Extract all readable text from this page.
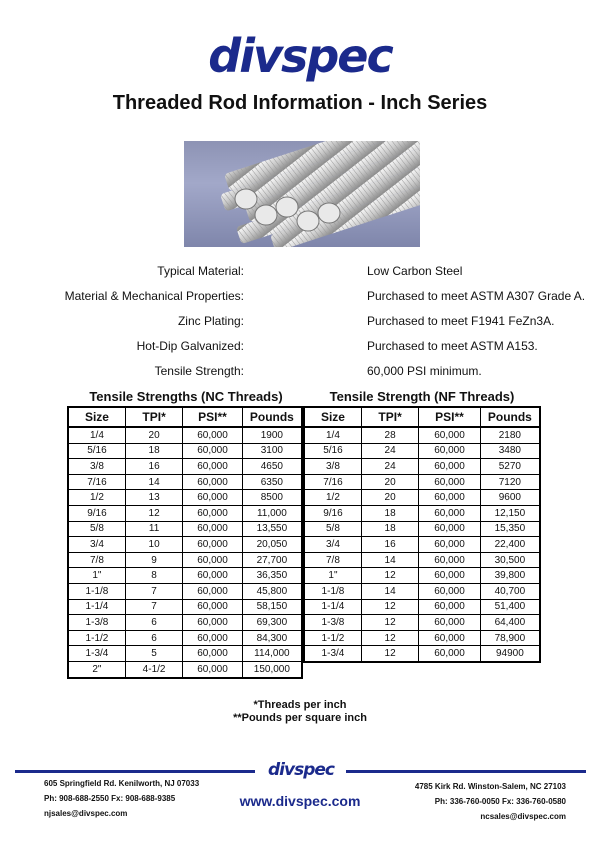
divspec
Threaded Rod Information - Inch Series
Typical Material:	Low Carbon Steel
Material & Mechanical Properties:	Purchased to meet ASTM A307 Grade A.
Zinc Plating:	Purchased to meet F1941 FeZn3A.
Hot-Dip Galvanized:	Purchased to meet ASTM A153.
Tensile Strength:	60,000 PSI minimum.
Tensile Strengths (NC Threads)
Size	TPI*	PSI**	Pounds
1/4	20	60,000	1900
5/16	18	60,000	3100
3/8	16	60,000	4650
7/16	14	60,000	6350
1/2	13	60,000	8500
9/16	12	60,000	11,000
5/8	11	60,000	13,550
3/4	10	60,000	20,050
7/8	9	60,000	27,700
1"	8	60,000	36,350
1-1/8	7	60,000	45,800
1-1/4	7	60,000	58,150
1-3/8	6	60,000	69,300
1-1/2	6	60,000	84,300
1-3/4	5	60,000	114,000
2"	4-1/2	60,000	150,000
Tensile Strength (NF Threads)
Size	TPI*	PSI**	Pounds
1/4	28	60,000	2180
5/16	24	60,000	3480
3/8	24	60,000	5270
7/16	20	60,000	7120
1/2	20	60,000	9600
9/16	18	60,000	12,150
5/8	18	60,000	15,350
3/4	16	60,000	22,400
7/8	14	60,000	30,500
1"	12	60,000	39,800
1-1/8	14	60,000	40,700
1-1/4	12	60,000	51,400
1-3/8	12	60,000	64,400
1-1/2	12	60,000	78,900
1-3/4	12	60,000	94900
*Threads per inch
**Pounds per square inch
divspec
605 Springfield Rd. Kenilworth, NJ 07033
Ph: 908-688-2550 Fx: 908-688-9385
njsales@divspec.com
www.divspec.com
4785 Kirk Rd. Winston-Salem, NC 27103
Ph: 336-760-0050 Fx: 336-760-0580
ncsales@divspec.com
